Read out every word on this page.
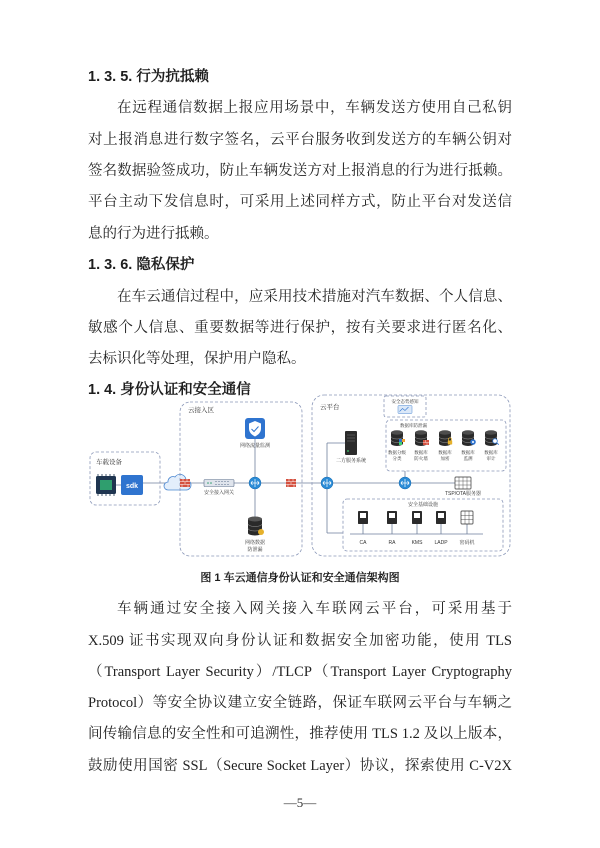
1. 3. 5. 行为抗抵赖
在远程通信数据上报应用场景中，车辆发送方使用自己私钥
对上报消息进行数字签名，云平台服务收到发送方的车辆公钥对
签名数据验签成功，防止车辆发送方对上报消息的行为进行抵赖。
平台主动下发信息时，可采用上述同样方式，防止平台对发送信
息的行为进行抵赖。
1. 3. 6. 隐私保护
在车云通信过程中，应采用技术措施对汽车数据、个人信息、
敏感个人信息、重要数据等进行保护，按有关要求进行匿名化、
去标识化等处理，保护用户隐私。
1. 4. 身份认证和安全通信
车载设备
sdk
云接入区
安全接入网关
网络流量监测
网络数据
防泄漏
云平台
二方服务系统
安全态势感知
数据库防泄漏
数据分级
分类
数据库
防火墙
数据库
加密
数据库
监测
数据库
审计
TSP/OTA服务器
安全基础设施
CA	RA	KMS LADP 密码机
图 1 车云通信身份认证和安全通信架构图
车辆通过安全接入网关接入车联网云平台，可采用基于
X.509 证书实现双向身份认证和数据安全加密功能，使用 TLS
（Transport Layer Security）/TLCP（Transport Layer Cryptography
Protocol）等安全协议建立安全链路，保证车联网云平台与车辆之
间传输信息的安全性和可追溯性，推荐使用 TLS 1.2 及以上版本，
鼓励使用国密 SSL（Secure Socket Layer）协议，探索使用 C-V2X
—5—
